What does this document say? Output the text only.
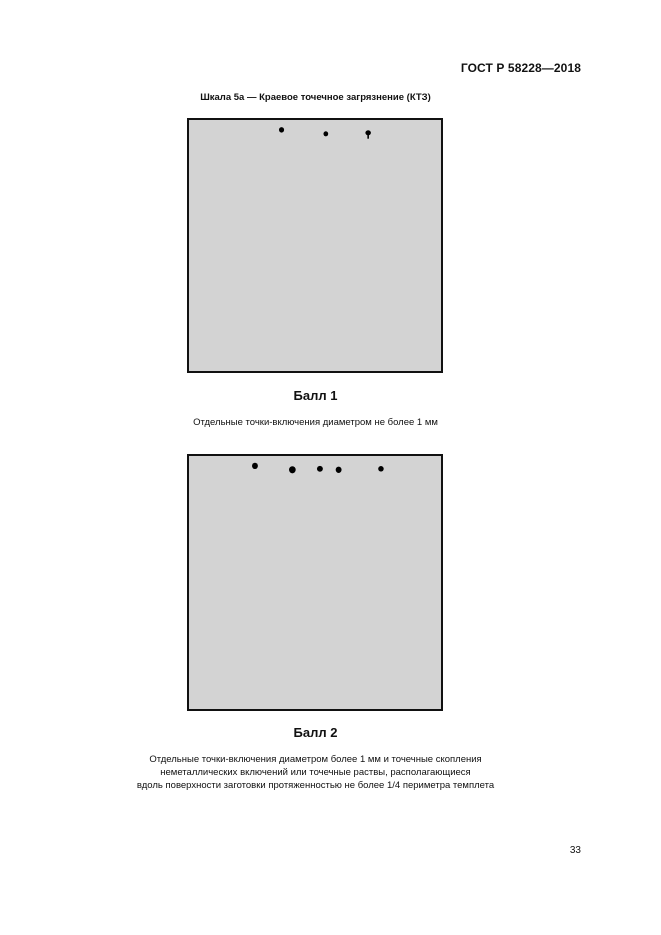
ГОСТ Р 58228—2018
Шкала 5а — Краевое точечное загрязнение (КТЗ)
Балл 1
Отдельные точки-включения диаметром не более 1 мм
Балл 2
Отдельные точки-включения диаметром более 1 мм и точечные скопления
неметаллических включений или точечные раствы, располагающиеся
вдоль поверхности заготовки протяженностью не более 1/4 периметра темплета
33
